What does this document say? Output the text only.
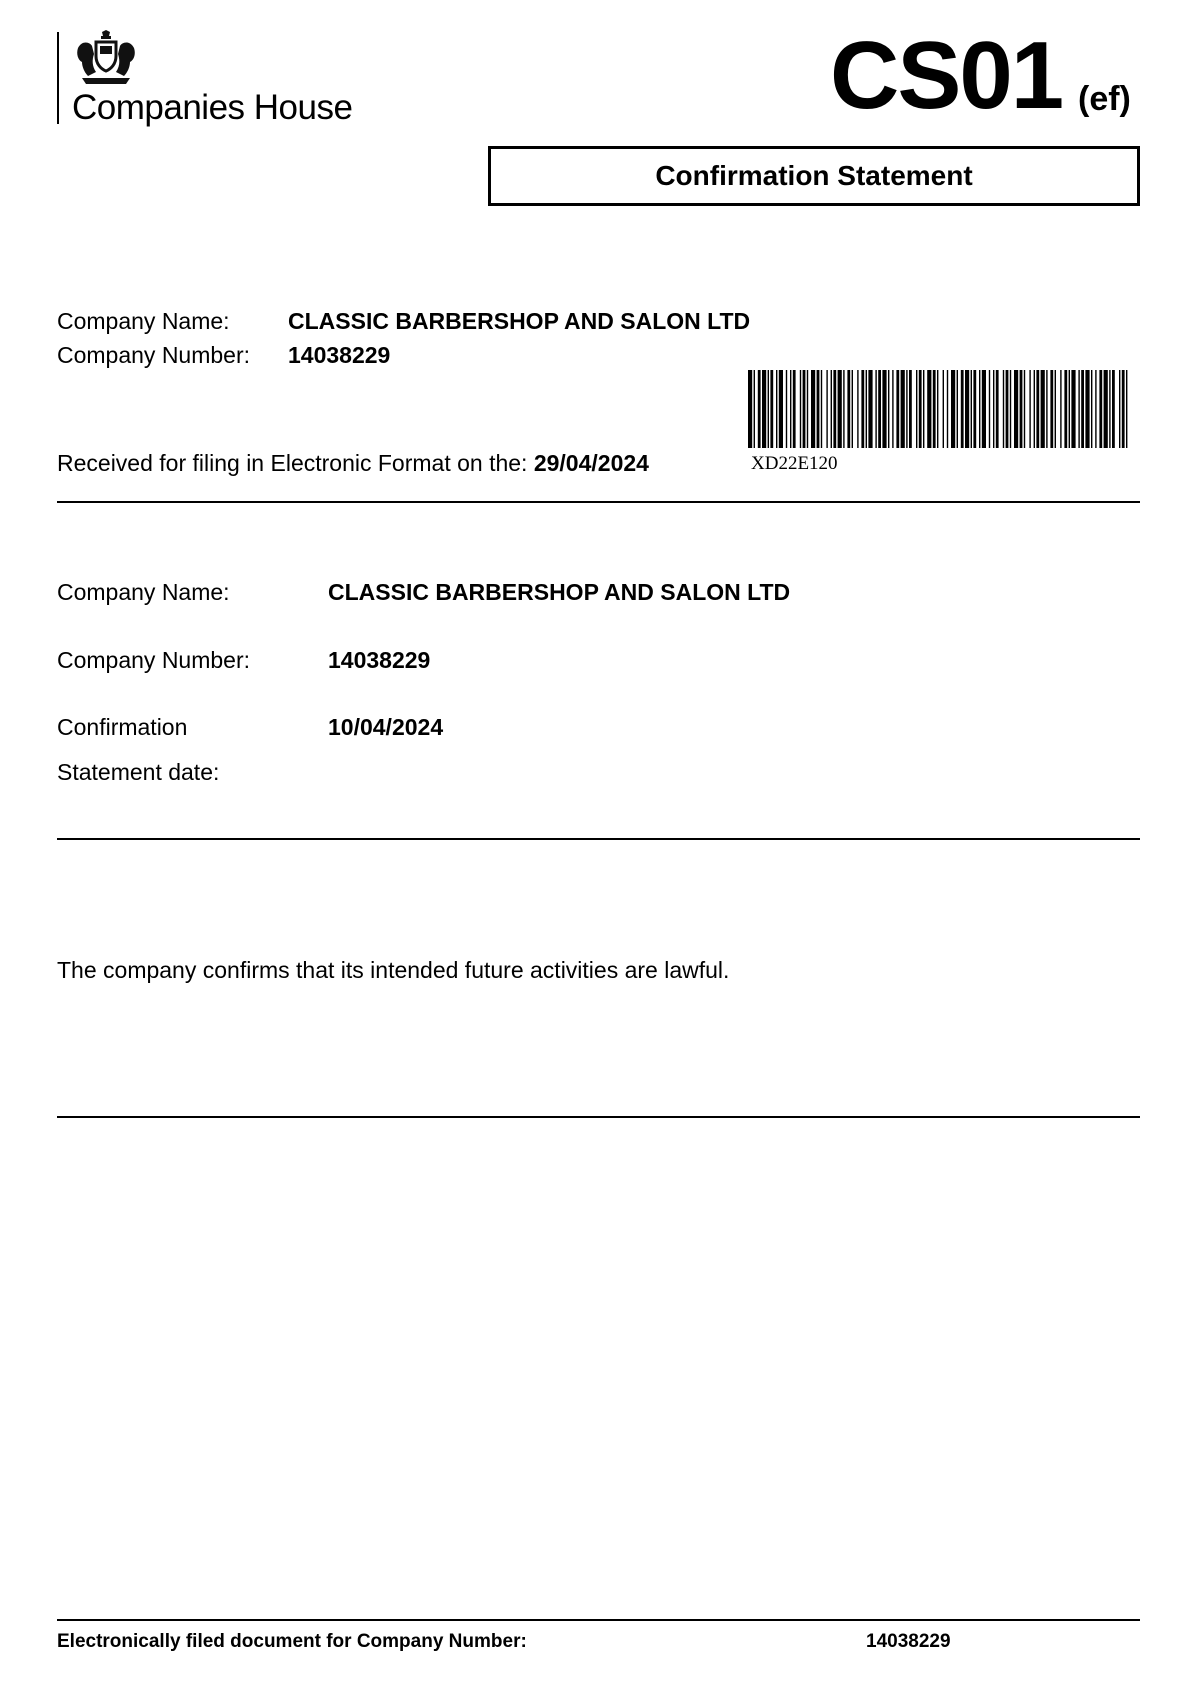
Companies House	CS01 (ef)
Confirmation Statement
Company Name:	CLASSIC BARBERSHOP AND SALON LTD
Company Number: 14038229
XD22E120
Received for filing in Electronic Format on the: 29/04/2024
Company Name:	CLASSIC BARBERSHOP AND SALON LTD
Company Number:	14038229
Confirmation
Statement date:
10/04/2024
The company confirms that its intended future activities are lawful.
Electronically filed document for Company Number:	14038229
